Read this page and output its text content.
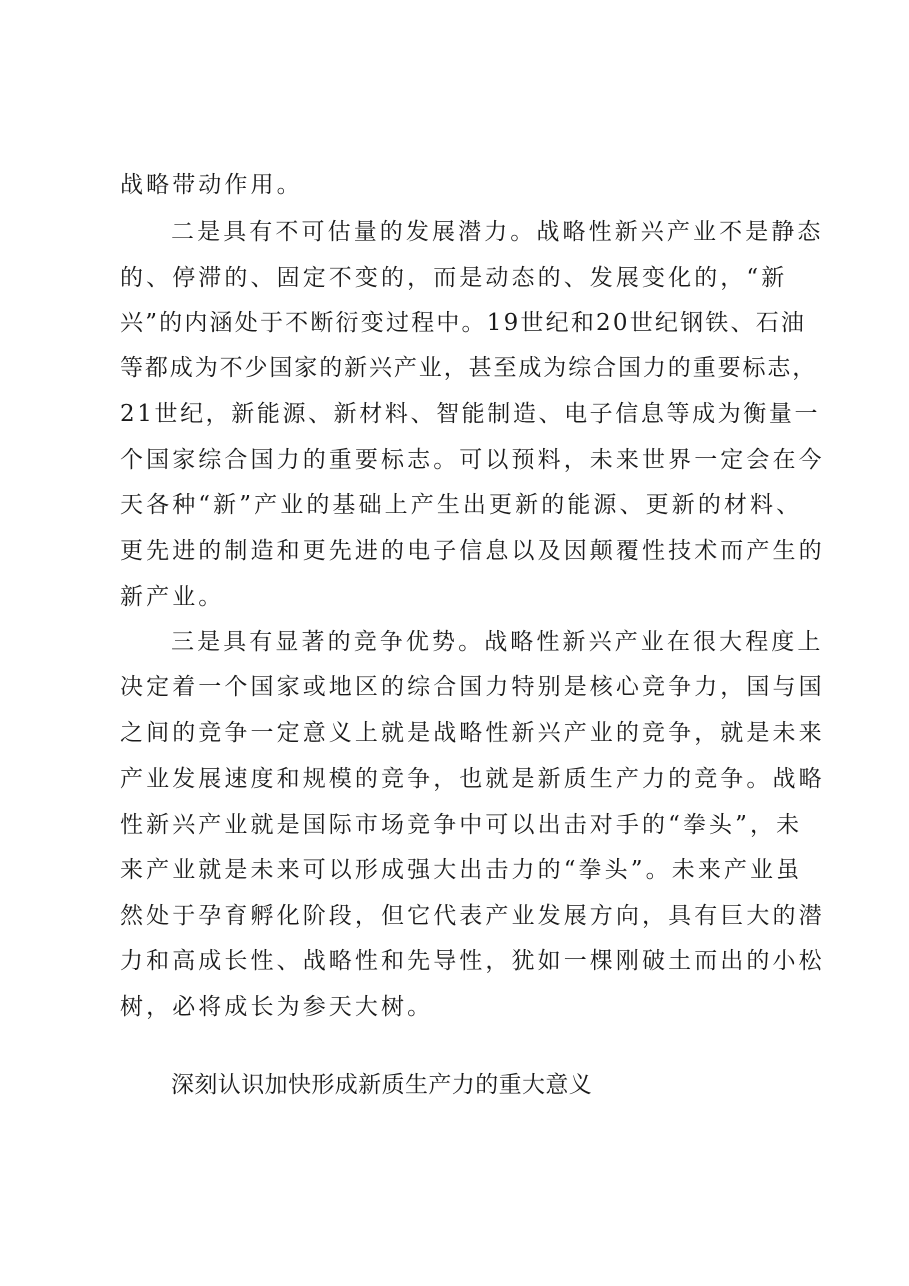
战略带动作用。
二是具有不可估量的发展潜力。战略性新兴产业不是静态
的、停滞的、固定不变的，而是动态的、发展变化的，“新
兴”的内涵处于不断衍变过程中。19世纪和20世纪钢铁、石油
等都成为不少国家的新兴产业，甚至成为综合国力的重要标志，
21世纪，新能源、新材料、智能制造、电子信息等成为衡量一
个国家综合国力的重要标志。可以预料，未来世界一定会在今
天各种“新”产业的基础上产生出更新的能源、更新的材料、
更先进的制造和更先进的电子信息以及因颠覆性技术而产生的
新产业。
三是具有显著的竞争优势。战略性新兴产业在很大程度上
决定着一个国家或地区的综合国力特别是核心竞争力，国与国
之间的竞争一定意义上就是战略性新兴产业的竞争，就是未来
产业发展速度和规模的竞争，也就是新质生产力的竞争。战略
性新兴产业就是国际市场竞争中可以出击对手的“拳头”，未
来产业就是未来可以形成强大出击力的“拳头”。未来产业虽
然处于孕育孵化阶段，但它代表产业发展方向，具有巨大的潜
力和高成长性、战略性和先导性，犹如一棵刚破土而出的小松
树，必将成长为参天大树。
深刻认识加快形成新质生产力的重大意义
